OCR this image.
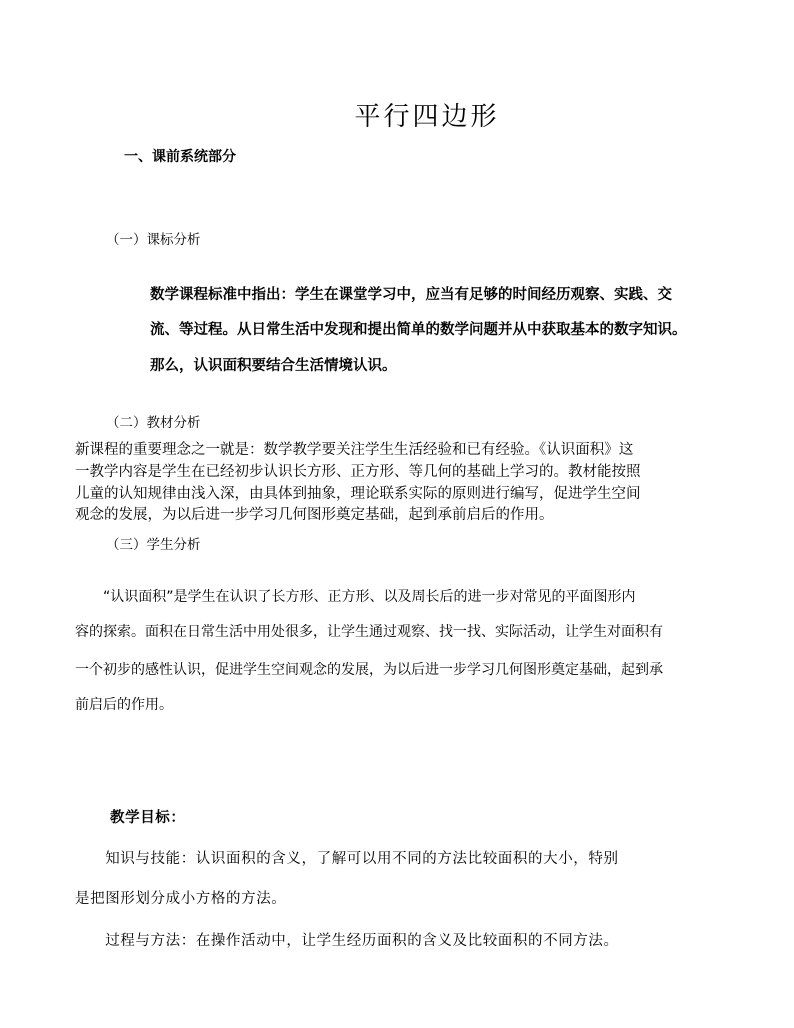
平行四边形
一、课前系统部分
（一）课标分析
数学课程标准中指出：学生在课堂学习中，应当有足够的时间经历观察、实践、交
流、等过程。从日常生活中发现和提出简单的数学问题并从中获取基本的数字知识。
那么，认识面积要结合生活情境认识。
（二）教材分析
新课程的重要理念之一就是：数学教学要关注学生生活经验和已有经验。《认识面积》这
一教学内容是学生在已经初步认识长方形、正方形、等几何的基础上学习的。教材能按照
儿童的认知规律由浅入深，由具体到抽象，理论联系实际的原则进行编写，促进学生空间
观念的发展，为以后进一步学习几何图形奠定基础，起到承前启后的作用。
（三）学生分析
　　“认识面积”是学生在认识了长方形、正方形、以及周长后的进一步对常见的平面图形内
容的探索。面积在日常生活中用处很多，让学生通过观察、找一找、实际活动，让学生对面积有
一个初步的感性认识，促进学生空间观念的发展，为以后进一步学习几何图形奠定基础，起到承
前启后的作用。
教学目标：
　　知识与技能：认识面积的含义，了解可以用不同的方法比较面积的大小，特别
是把图形划分成小方格的方法。
　　过程与方法：在操作活动中，让学生经历面积的含义及比较面积的不同方法。
